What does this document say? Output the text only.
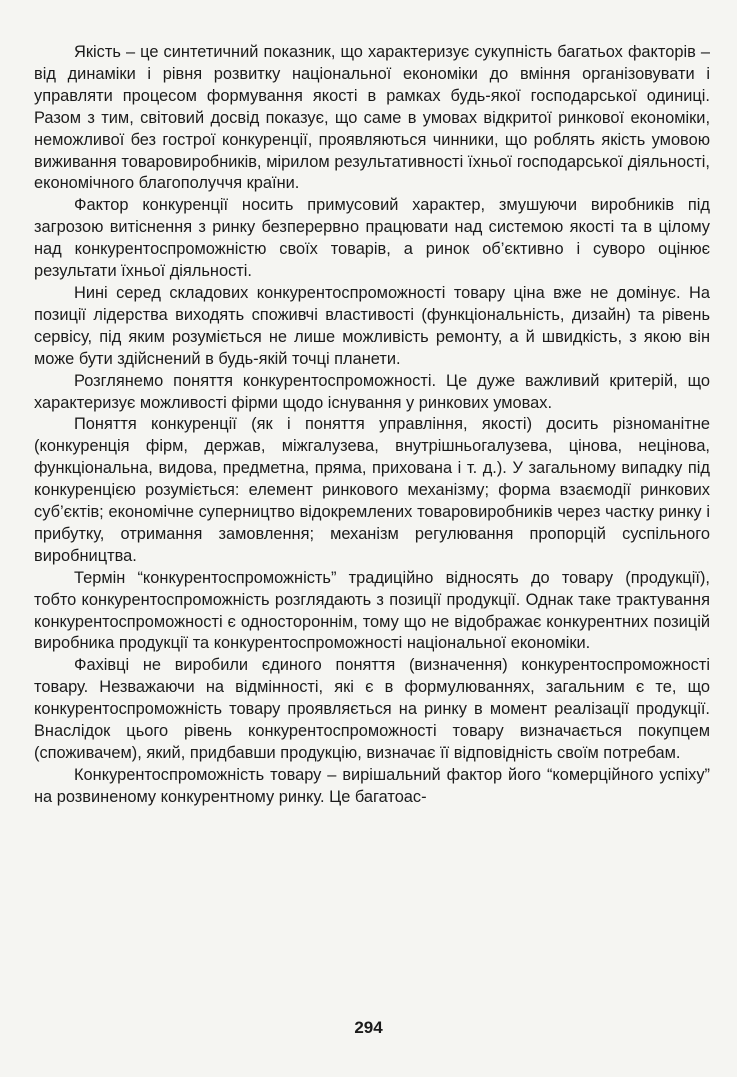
Якість – це синтетичний показник, що характеризує сукупність багатьох факторів – від динаміки і рівня розвитку національної економіки до вміння організовувати і управляти процесом формування якості в рамках будь-якої господарської одиниці. Разом з тим, світовий досвід показує, що саме в умовах відкритої ринкової економіки, неможливої без гострої конкуренції, проявляються чинники, що роблять якість умовою виживання товаровиробників, мірилом результативності їхньої господарської діяльності, економічного благополуччя країни.

Фактор конкуренції носить примусовий характер, змушуючи виробників під загрозою витіснення з ринку безперервно працювати над системою якості та в цілому над конкурентоспроможністю своїх товарів, а ринок об’єктивно і суворо оцінює результати їхньої діяльності.

Нині серед складових конкурентоспроможності товару ціна вже не домінує. На позиції лідерства виходять споживчі властивості (функціональність, дизайн) та рівень сервісу, під яким розуміється не лише можливість ремонту, а й швидкість, з якою він може бути здійснений в будь-якій точці планети.

Розглянемо поняття конкурентоспроможності. Це дуже важливий критерій, що характеризує можливості фірми щодо існування у ринкових умовах.

Поняття конкуренції (як і поняття управління, якості) досить різноманітне (конкуренція фірм, держав, міжгалузева, внутрішньогалузева, цінова, нецінова, функціональна, видова, предметна, пряма, прихована і т. д.). У загальному випадку під конкуренцією розуміється: елемент ринкового механізму; форма взаємодії ринкових суб’єктів; економічне суперництво відокремлених товаровиробників через частку ринку і прибутку, отримання замовлення; механізм регулювання пропорцій суспільного виробництва.

Термін “конкурентоспроможність” традиційно відносять до товару (продукції), тобто конкурентоспроможність розглядають з позиції продукції. Однак таке трактування конкурентоспроможності є одностороннім, тому що не відображає конкурентних позицій виробника продукції та конкурентоспроможності національної економіки.

Фахівці не виробили єдиного поняття (визначення) конкурентоспроможності товару. Незважаючи на відмінності, які є в формулюваннях, загальним є те, що конкурентоспроможність товару проявляється на ринку в момент реалізації продукції. Внаслідок цього рівень конкурентоспроможності товару визначається покупцем (споживачем), який, придбавши продукцію, визначає її відповідність своїм потребам.

Конкурентоспроможність товару – вирішальний фактор його “комерційного успіху” на розвиненому конкурентному ринку. Це багатоас-

294
